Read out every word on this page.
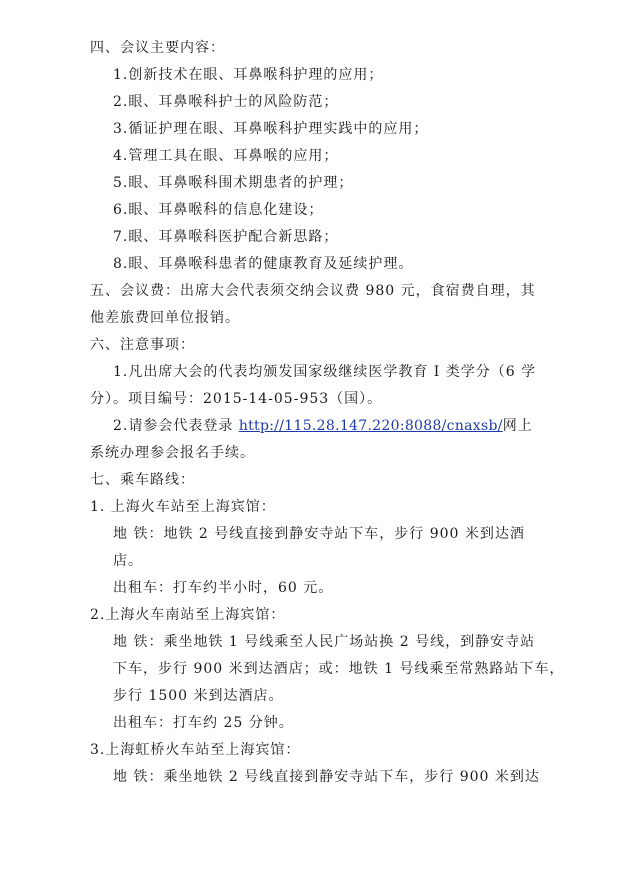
四、会议主要内容：
1.创新技术在眼、耳鼻喉科护理的应用；
2.眼、耳鼻喉科护士的风险防范；
3.循证护理在眼、耳鼻喉科护理实践中的应用；
4.管理工具在眼、耳鼻喉的应用；
5.眼、耳鼻喉科围术期患者的护理；
6.眼、耳鼻喉科的信息化建设；
7.眼、耳鼻喉科医护配合新思路；
8.眼、耳鼻喉科患者的健康教育及延续护理。
五、会议费：出席大会代表须交纳会议费 980 元，食宿费自理，其
他差旅费回单位报销。
六、注意事项：
1.凡出席大会的代表均颁发国家级继续医学教育 I 类学分（6 学
分）。项目编号：2015-14-05-953（国）。
2.请参会代表登录 http://115.28.147.220:8088/cnaxsb/网上
系统办理参会报名手续。
七、乘车路线：
1. 上海火车站至上海宾馆：
地 铁：地铁 2 号线直接到静安寺站下车，步行 900 米到达酒
店。
出租车：打车约半小时，60 元。
2.上海火车南站至上海宾馆：
地 铁：乘坐地铁 1 号线乘至人民广场站换 2 号线，到静安寺站
下车，步行 900 米到达酒店；或：地铁 1 号线乘至常熟路站下车，
步行 1500 米到达酒店。
出租车：打车约 25 分钟。
3.上海虹桥火车站至上海宾馆：
地 铁：乘坐地铁 2 号线直接到静安寺站下车，步行 900 米到达
